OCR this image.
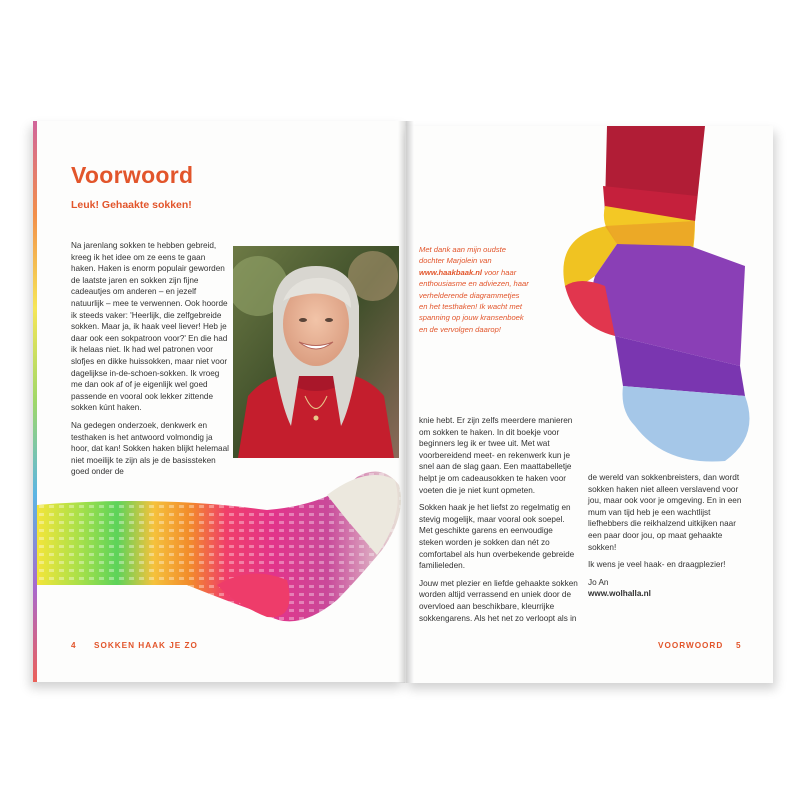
Voorwoord
Leuk! Gehaakte sokken!

Na jarenlang sokken te hebben gebreid, kreeg ik het idee om ze eens te gaan haken. Haken is enorm populair geworden de laatste jaren en sokken zijn fijne cadeautjes om anderen – en jezelf natuurlijk – mee te verwennen. Ook hoorde ik steeds vaker: 'Heerlijk, die zelfgebreide sokken. Maar ja, ik haak veel liever! Heb je daar ook een sokpatroon voor?' En die had ik helaas niet. Ik had wel patronen voor slofjes en dikke huissokken, maar niet voor dagelijkse in-de-schoen-sokken. Ik vroeg me dan ook af of je eigenlijk wel goed passende en vooral ook lekker zittende sokken kúnt haken.

Na gedegen onderzoek, denkwerk en testhaken is het antwoord volmondig ja hoor, dat kan! Sokken haken blijkt helemaal niet moeilijk te zijn als je de basissteken goed onder de

4 SOKKEN HAAK JE ZO

Met dank aan mijn oudste dochter Marjolein van www.haakbaak.nl voor haar enthousiasme en adviezen, haar verhelderende diagrammetjes en het testhaken! Ik wacht met spanning op jouw kransenboek en de vervolgen daarop!

knie hebt. Er zijn zelfs meerdere manieren om sokken te haken. In dit boekje voor beginners leg ik er twee uit. Met wat voorbereidend meet- en rekenwerk kun je snel aan de slag gaan. Een maattabelletje helpt je om cadeausokken te haken voor voeten die je niet kunt opmeten.

Sokken haak je het liefst zo regelmatig en stevig mogelijk, maar vooral ook soepel. Met geschikte garens en eenvoudige steken worden je sokken dan nét zo comfortabel als hun overbekende gebreide familieleden.

Jouw met plezier en liefde gehaakte sokken worden altijd verrassend en uniek door de overvloed aan beschikbare, kleurrijke sokkengarens. Als het net zo verloopt als in

de wereld van sokkenbreisters, dan wordt sokken haken niet alleen verslavend voor jou, maar ook voor je omgeving. En in een mum van tijd heb je een wachtlijst liefhebbers die reikhalzend uitkijken naar een paar door jou, op maat gehaakte sokken!

Ik wens je veel haak- en draagplezier!

Jo An
www.wolhalla.nl

VOORWOORD 5
